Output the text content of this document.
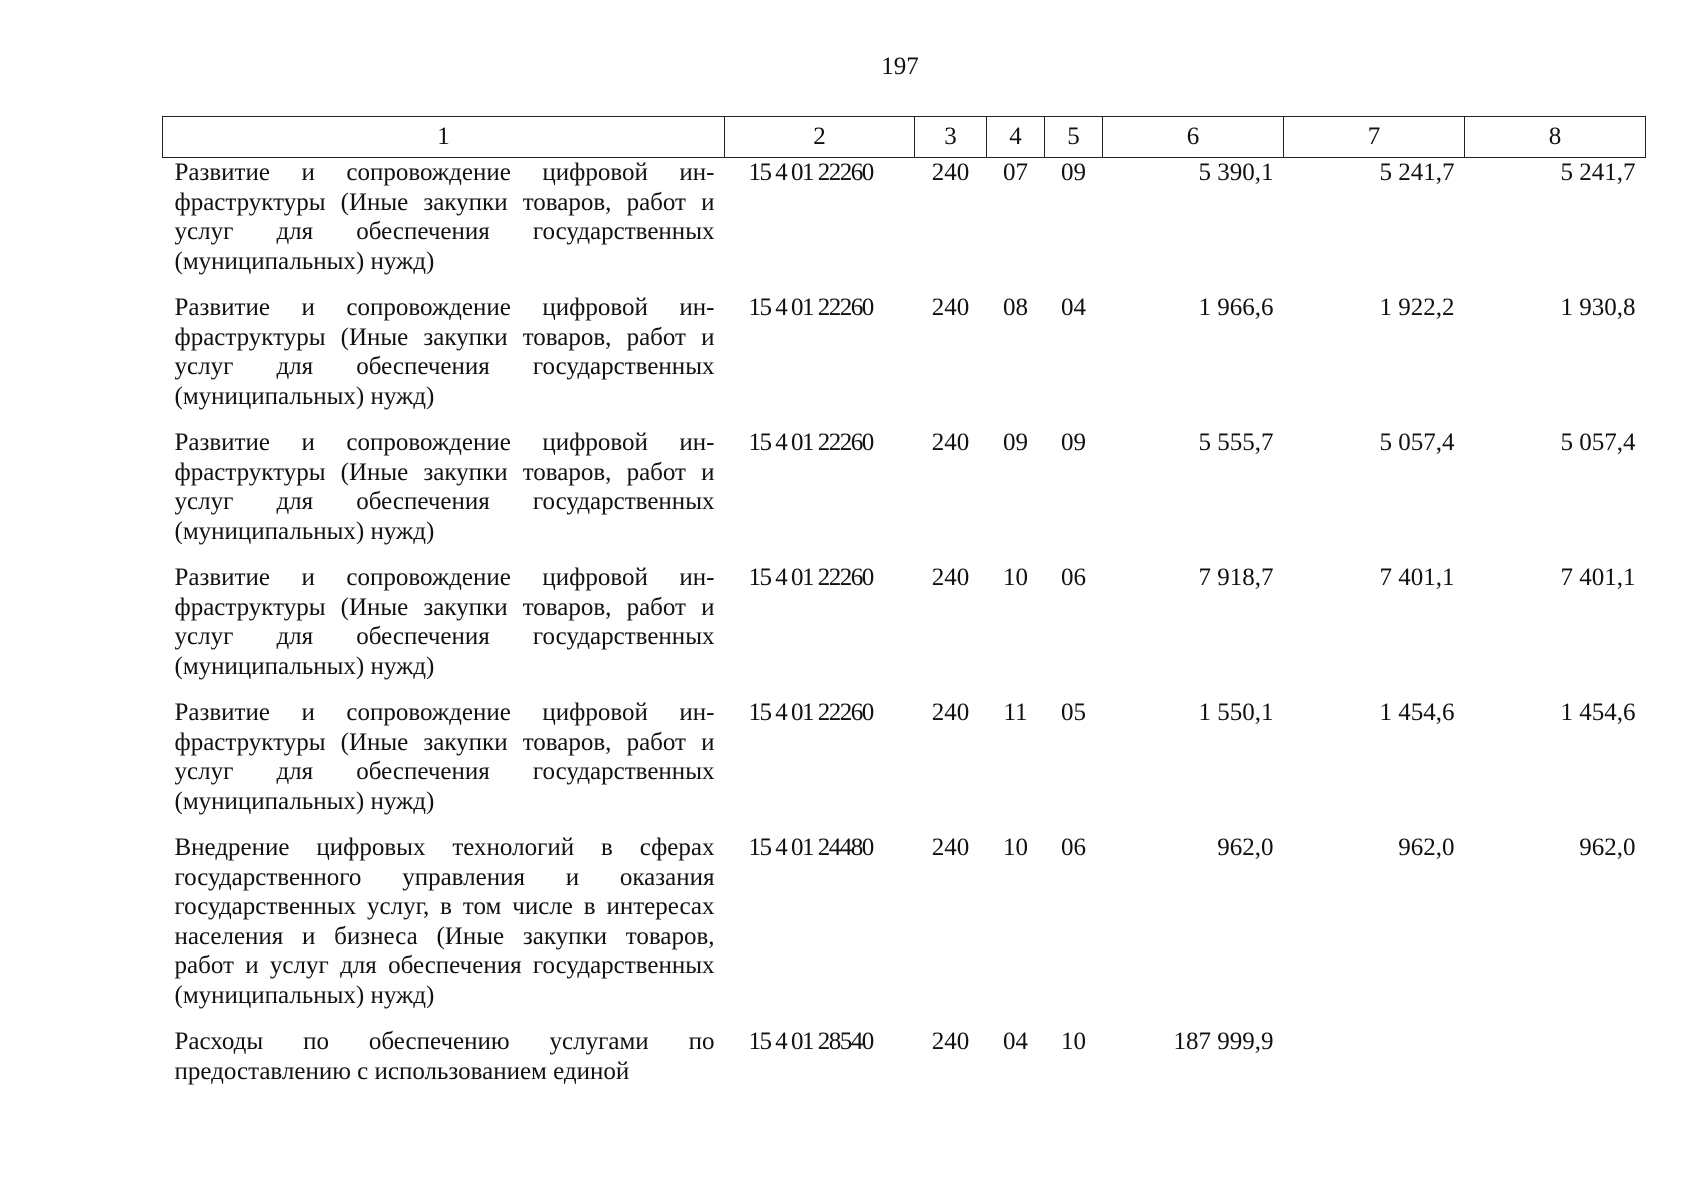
197
1	2	3	4	5	6	7	8
Развитие и сопровождение цифровой инфраструктуры (Иные закупки товаров, работ и услуг для обеспечения государственных (муниципальных) нужд)	15 4 01 22260	240	07	09	5 390,1	5 241,7	5 241,7
Развитие и сопровождение цифровой инфраструктуры (Иные закупки товаров, работ и услуг для обеспечения государственных (муниципальных) нужд)	15 4 01 22260	240	08	04	1 966,6	1 922,2	1 930,8
Развитие и сопровождение цифровой инфраструктуры (Иные закупки товаров, работ и услуг для обеспечения государственных (муниципальных) нужд)	15 4 01 22260	240	09	09	5 555,7	5 057,4	5 057,4
Развитие и сопровождение цифровой инфраструктуры (Иные закупки товаров, работ и услуг для обеспечения государственных (муниципальных) нужд)	15 4 01 22260	240	10	06	7 918,7	7 401,1	7 401,1
Развитие и сопровождение цифровой инфраструктуры (Иные закупки товаров, работ и услуг для обеспечения государственных (муниципальных) нужд)	15 4 01 22260	240	11	05	1 550,1	1 454,6	1 454,6
Внедрение цифровых технологий в сферах государственного управления и оказания государственных услуг, в том числе в интересах населения и бизнеса (Иные закупки товаров, работ и услуг для обеспечения государственных (муниципальных) нужд)	15 4 01 24480	240	10	06	962,0	962,0	962,0
Расходы по обеспечению услугами по предоставлению с использованием единой	15 4 01 28540	240	04	10	187 999,9		
